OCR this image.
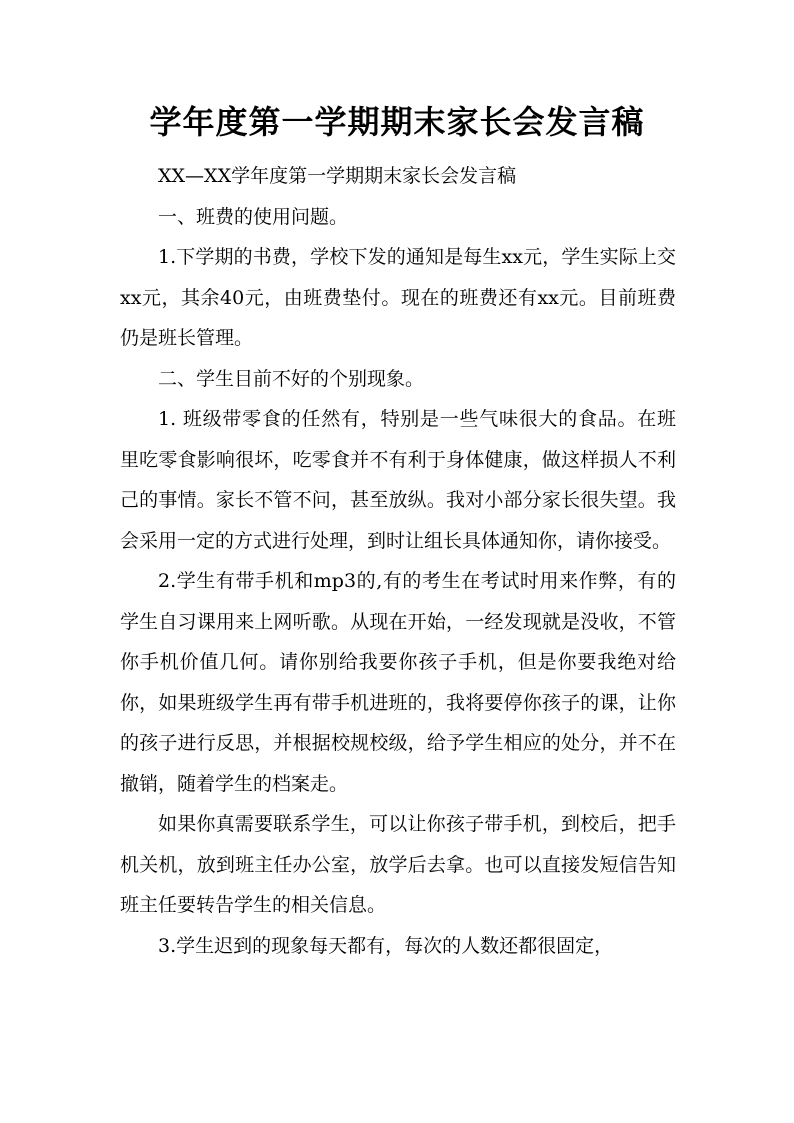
学年度第一学期期末家长会发言稿

XX—XX学年度第一学期期末家长会发言稿

一、班费的使用问题。

1.下学期的书费，学校下发的通知是每生xx元，学生实际上交xx元，其余40元，由班费垫付。现在的班费还有xx元。目前班费仍是班长管理。

二、学生目前不好的个别现象。

1. 班级带零食的任然有，特别是一些气味很大的食品。在班里吃零食影响很坏，吃零食并不有利于身体健康，做这样损人不利己的事情。家长不管不问，甚至放纵。我对小部分家长很失望。我会采用一定的方式进行处理，到时让组长具体通知你，请你接受。

2.学生有带手机和mp3的,有的考生在考试时用来作弊，有的学生自习课用来上网听歌。从现在开始，一经发现就是没收，不管你手机价值几何。请你别给我要你孩子手机，但是你要我绝对给你，如果班级学生再有带手机进班的，我将要停你孩子的课，让你的孩子进行反思，并根据校规校级，给予学生相应的处分，并不在撤销，随着学生的档案走。

如果你真需要联系学生，可以让你孩子带手机，到校后，把手机关机，放到班主任办公室，放学后去拿。也可以直接发短信告知班主任要转告学生的相关信息。

3.学生迟到的现象每天都有，每次的人数还都很固定，
